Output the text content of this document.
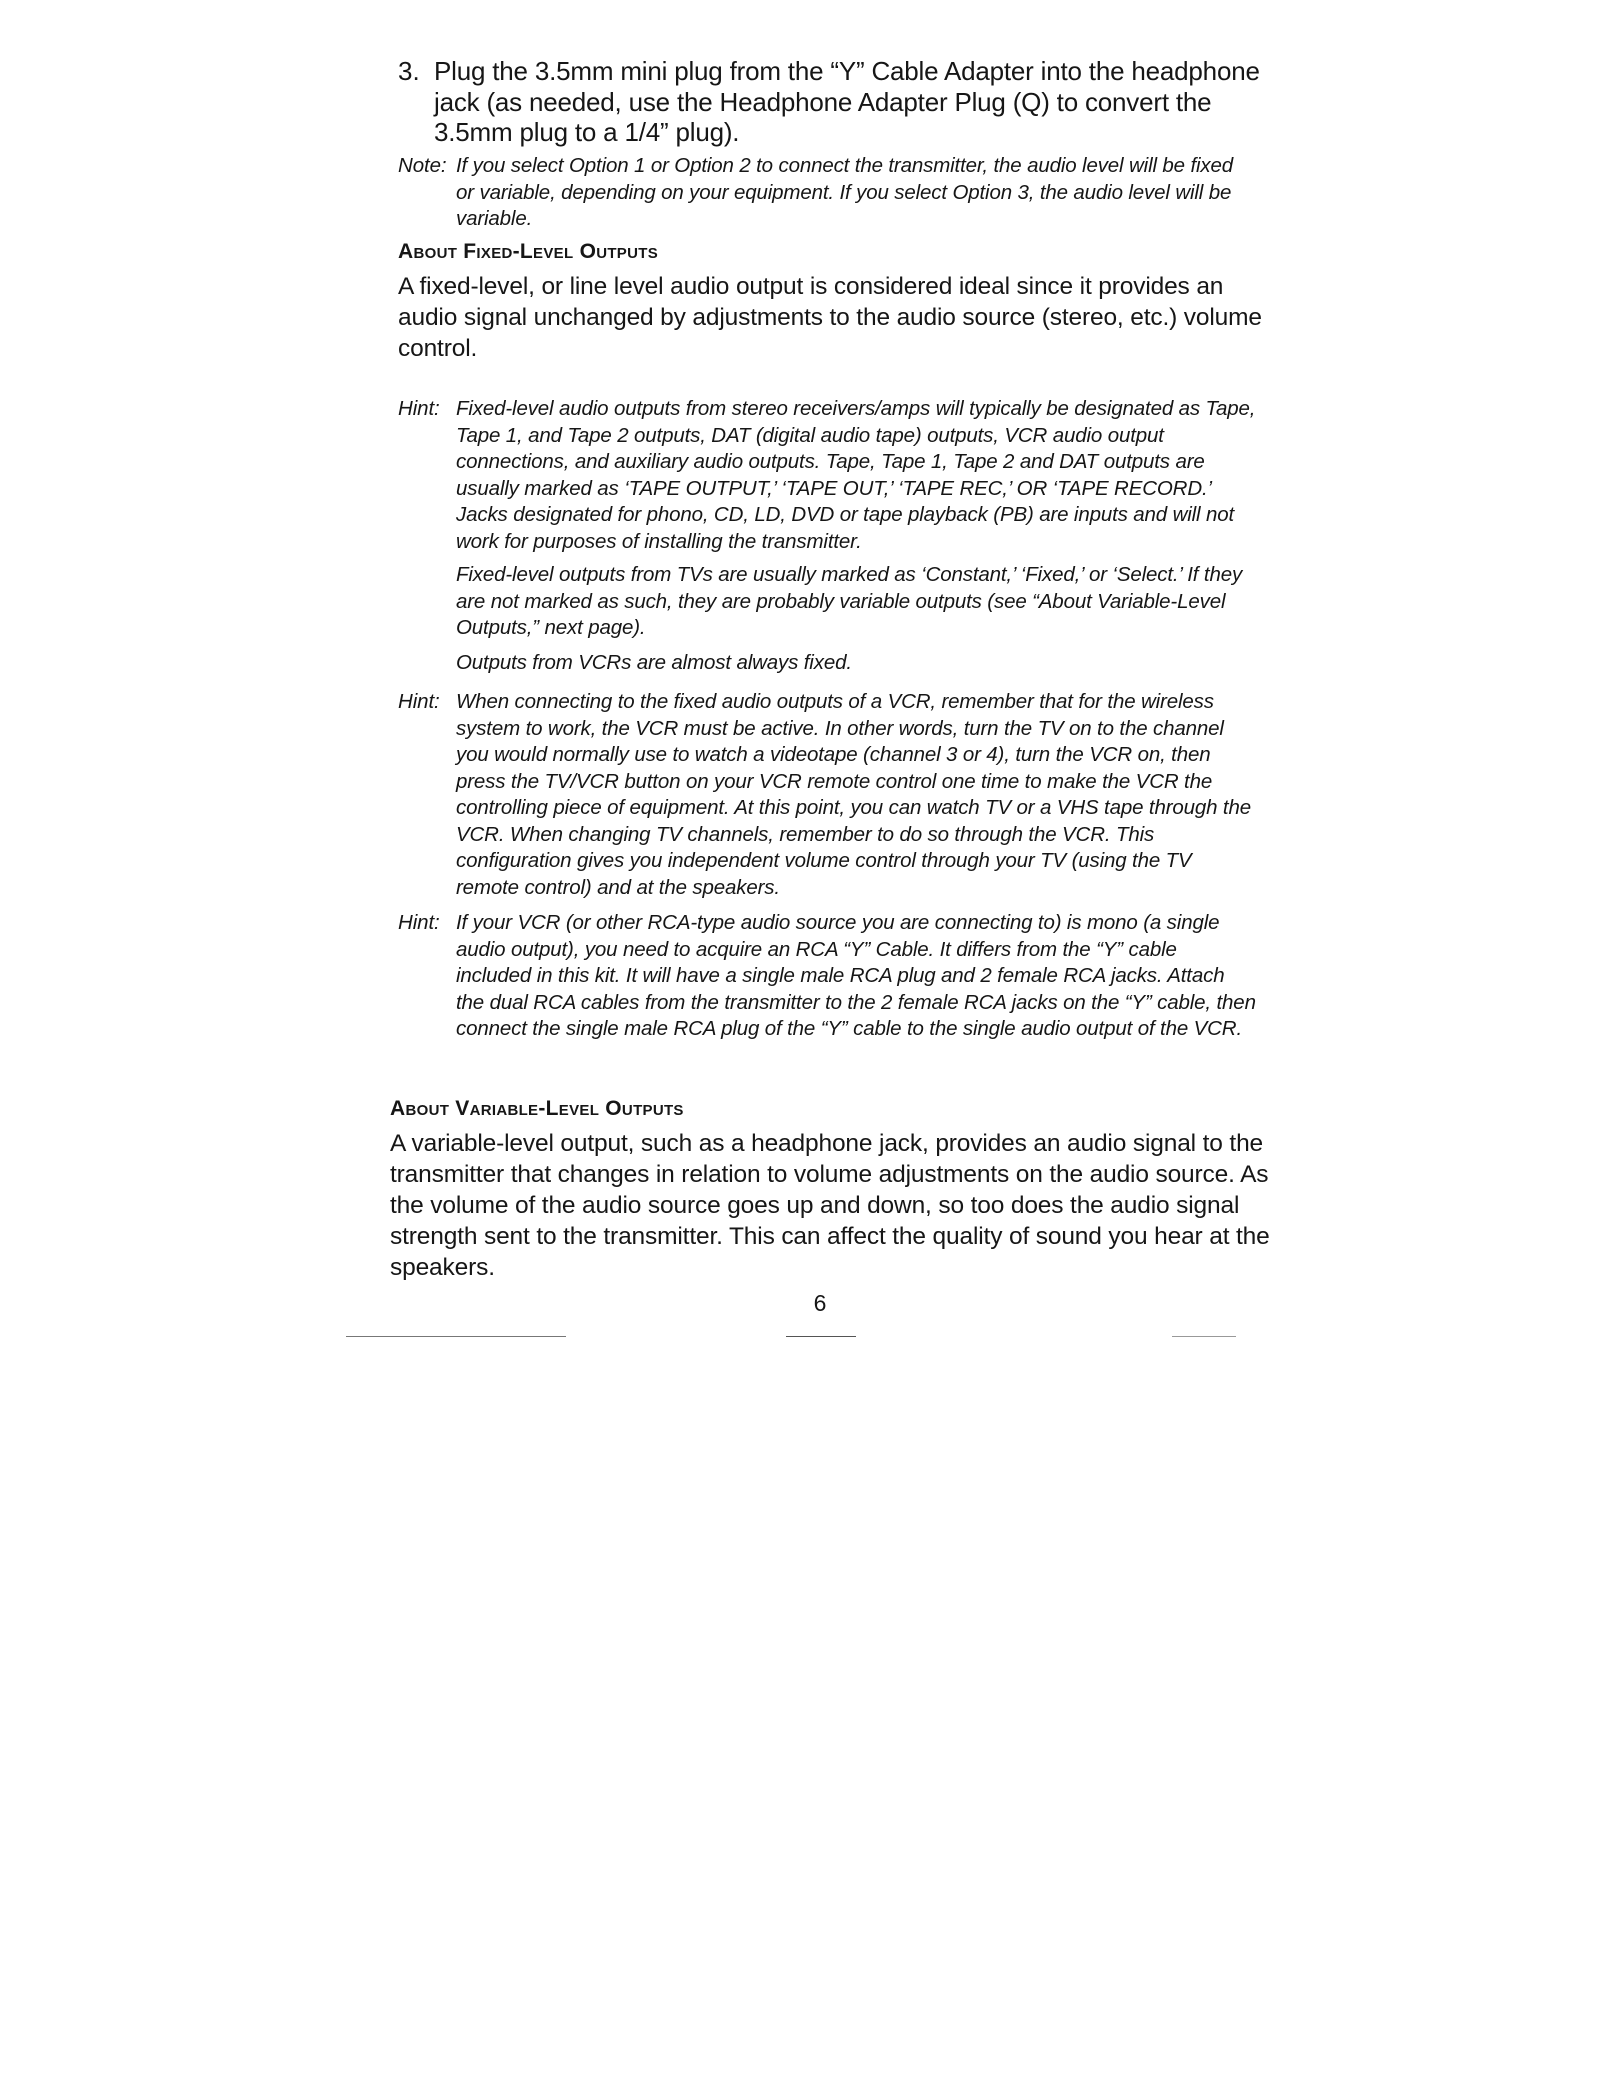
3. Plug the 3.5mm mini plug from the “Y” Cable Adapter into the headphone jack (as needed, use the Headphone Adapter Plug (Q) to convert the 3.5mm plug to a 1/4” plug).
Note: If you select Option 1 or Option 2 to connect the transmitter, the audio level will be fixed or variable, depending on your equipment. If you select Option 3, the audio level will be variable.
About Fixed-Level Outputs
A fixed-level, or line level audio output is considered ideal since it provides an audio signal unchanged by adjustments to the audio source (stereo, etc.) volume control.
Hint: Fixed-level audio outputs from stereo receivers/amps will typically be designated as Tape, Tape 1, and Tape 2 outputs, DAT (digital audio tape) outputs, VCR audio output connections, and auxiliary audio outputs. Tape, Tape 1, Tape 2 and DAT outputs are usually marked as ‘TAPE OUTPUT,’ ‘TAPE OUT,’ ‘TAPE REC,’ OR ‘TAPE RECORD.’ Jacks designated for phono, CD, LD, DVD or tape playback (PB) are inputs and will not work for purposes of installing the transmitter.
Fixed-level outputs from TVs are usually marked as ‘Constant,’ ‘Fixed,’ or ‘Select.’ If they are not marked as such, they are probably variable outputs (see “About Variable-Level Outputs,” next page).
Outputs from VCRs are almost always fixed.
Hint: When connecting to the fixed audio outputs of a VCR, remember that for the wireless system to work, the VCR must be active. In other words, turn the TV on to the channel you would normally use to watch a videotape (channel 3 or 4), turn the VCR on, then press the TV/VCR button on your VCR remote control one time to make the VCR the controlling piece of equipment. At this point, you can watch TV or a VHS tape through the VCR. When changing TV channels, remember to do so through the VCR. This configuration gives you independent volume control through your TV (using the TV remote control) and at the speakers.
Hint: If your VCR (or other RCA-type audio source you are connecting to) is mono (a single audio output), you need to acquire an RCA “Y” Cable. It differs from the “Y” cable included in this kit. It will have a single male RCA plug and 2 female RCA jacks. Attach the dual RCA cables from the transmitter to the 2 female RCA jacks on the “Y” cable, then connect the single male RCA plug of the “Y” cable to the single audio output of the VCR.
About Variable-Level Outputs
A variable-level output, such as a headphone jack, provides an audio signal to the transmitter that changes in relation to volume adjustments on the audio source. As the volume of the audio source goes up and down, so too does the audio signal strength sent to the transmitter. This can affect the quality of sound you hear at the speakers.
6
